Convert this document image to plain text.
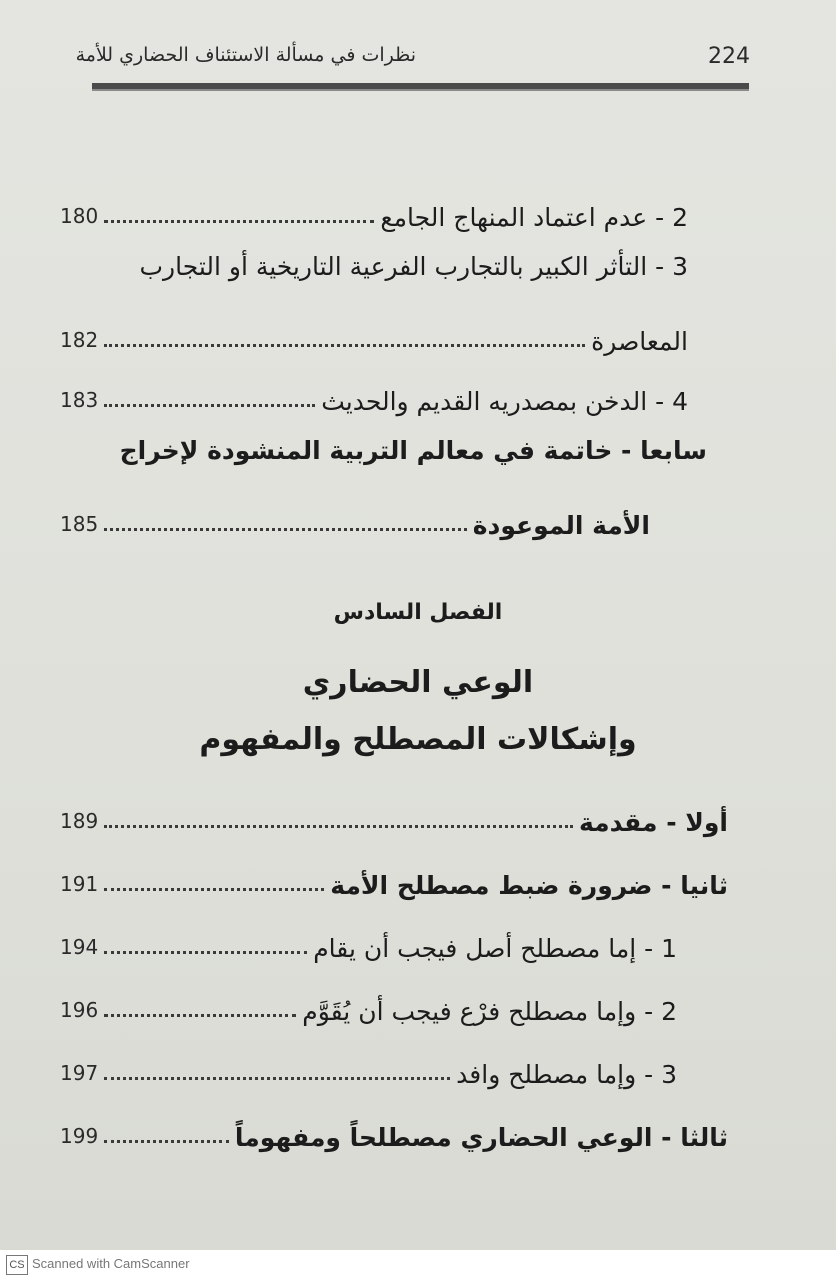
نظرات في مسألة الاستئناف الحضاري للأمة	224
2 - عدم اعتماد المنهاج الجامع
180
3 - التأثر الكبير بالتجارب الفرعية التاريخية أو التجارب
المعاصرة
182
4 - الدخن بمصدريه القديم والحديث
183
سابعا - خاتمة في معالم التربية المنشودة لإخراج
الأمة الموعودة
185
الفصل السادس
الوعي الحضاري
وإشكالات المصطلح والمفهوم
أولا - مقدمة
189
ثانيا - ضرورة ضبط مصطلح الأمة
191
1 - إما مصطلح أصل فيجب أن يقام
194
2 - وإما مصطلح فرْع فيجب أن يُقَوَّم
196
3 - وإما مصطلح وافد
197
ثالثا - الوعي الحضاري مصطلحاً ومفهوماً
199
CS Scanned with CamScanner
